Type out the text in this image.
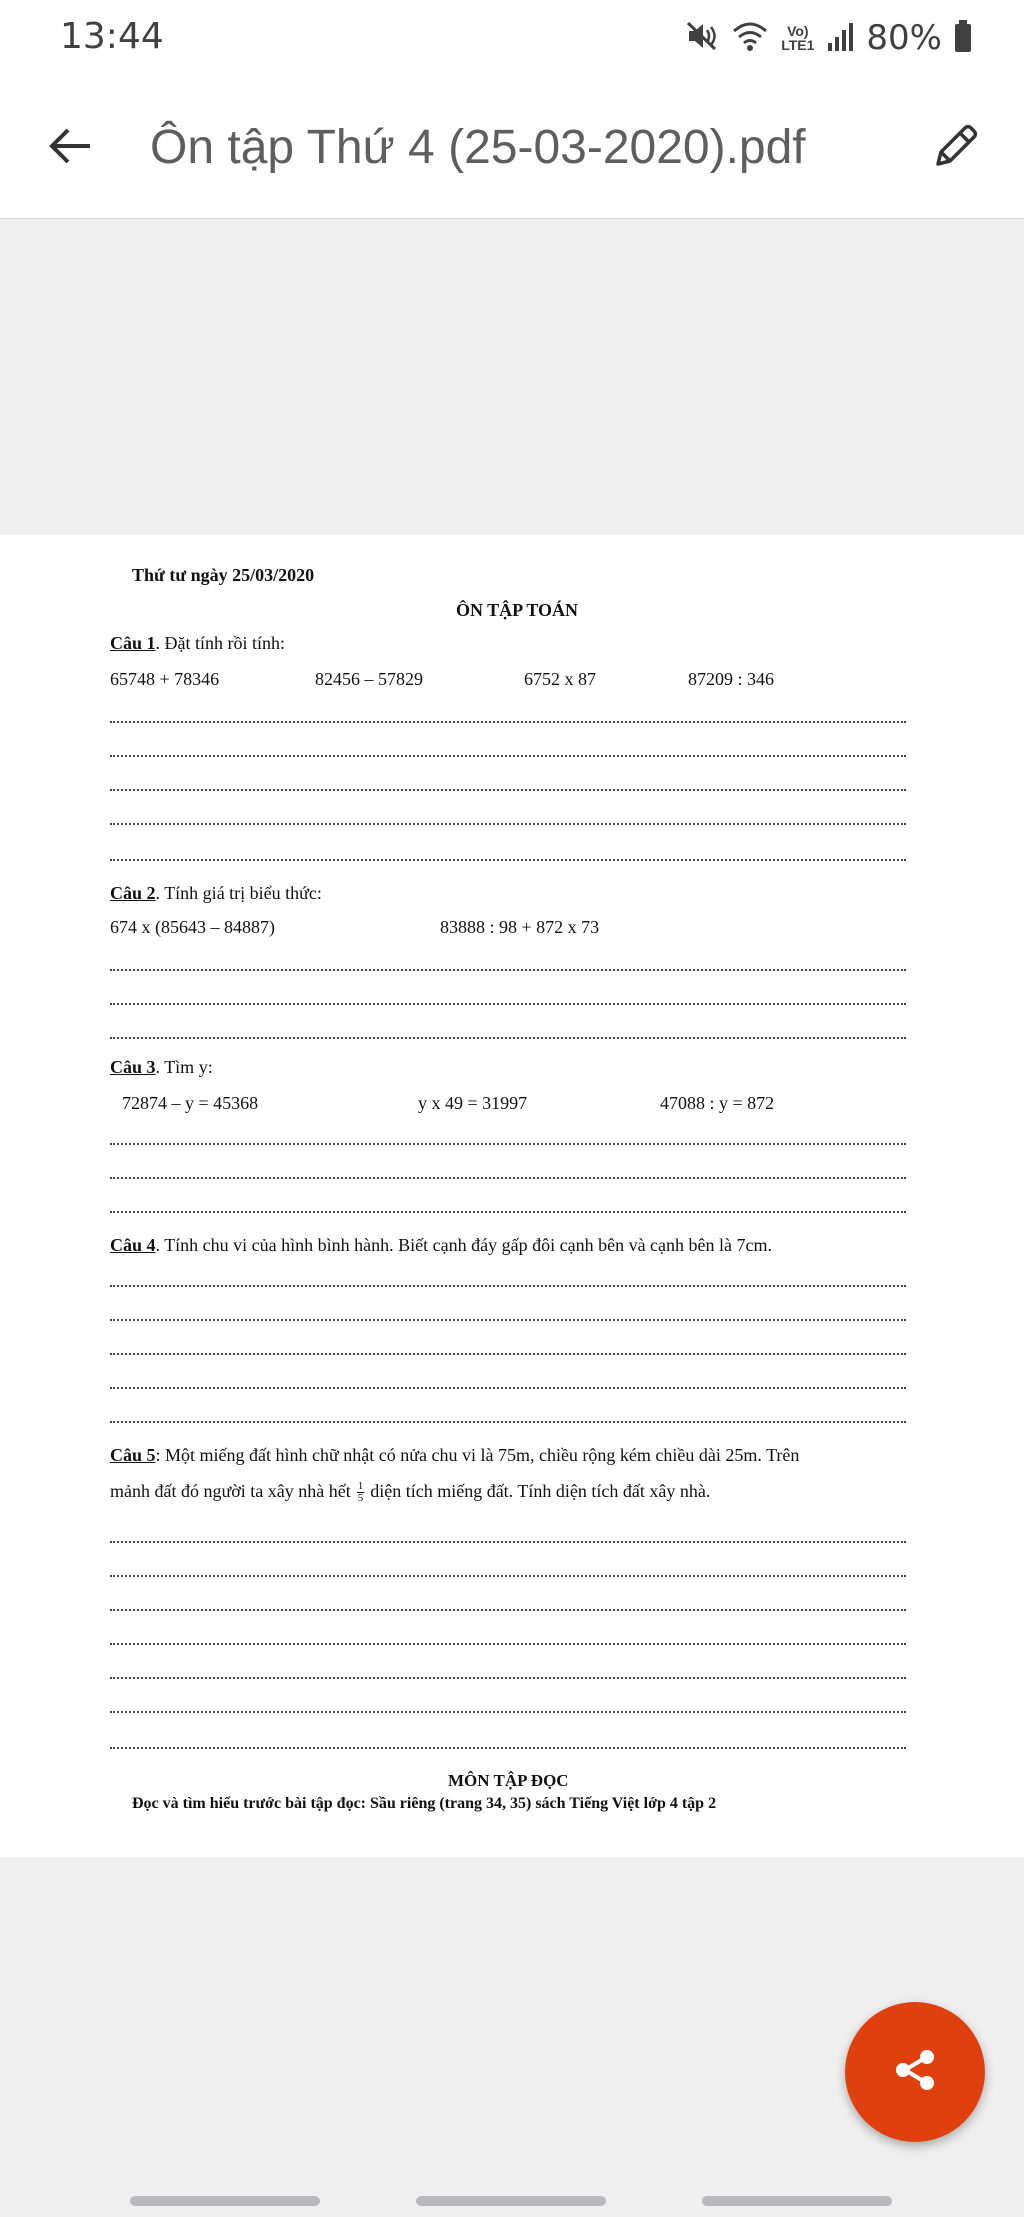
13:44	Vo)
LTE1 80%
Ôn tập Thứ 4 (25-03-2020).pdf
Thứ tư ngày 25/03/2020
ÔN TẬP TOÁN
Câu 1. Đặt tính rồi tính:
65748 + 78346	82456 – 57829	6752 x 87	87209 : 346
Câu 2. Tính giá trị biểu thức:
674 x (85643 – 84887)	83888 : 98 + 872 x 73
Câu 3. Tìm y:
72874 – y = 45368	y x 49 = 31997	47088 : y = 872
Câu 4. Tính chu vi của hình bình hành. Biết cạnh đáy gấp đôi cạnh bên và cạnh bên là 7cm.
Câu 5: Một miếng đất hình chữ nhật có nửa chu vi là 75m, chiều rộng kém chiều dài 25m. Trên
mảnh đất đó người ta xây nhà hết $\frac{1}{5}$ diện tích miếng đất. Tính diện tích đất xây nhà.
MÔN TẬP ĐỌC
Đọc và tìm hiểu trước bài tập đọc: Sầu riêng (trang 34, 35) sách Tiếng Việt lớp 4 tập 2
